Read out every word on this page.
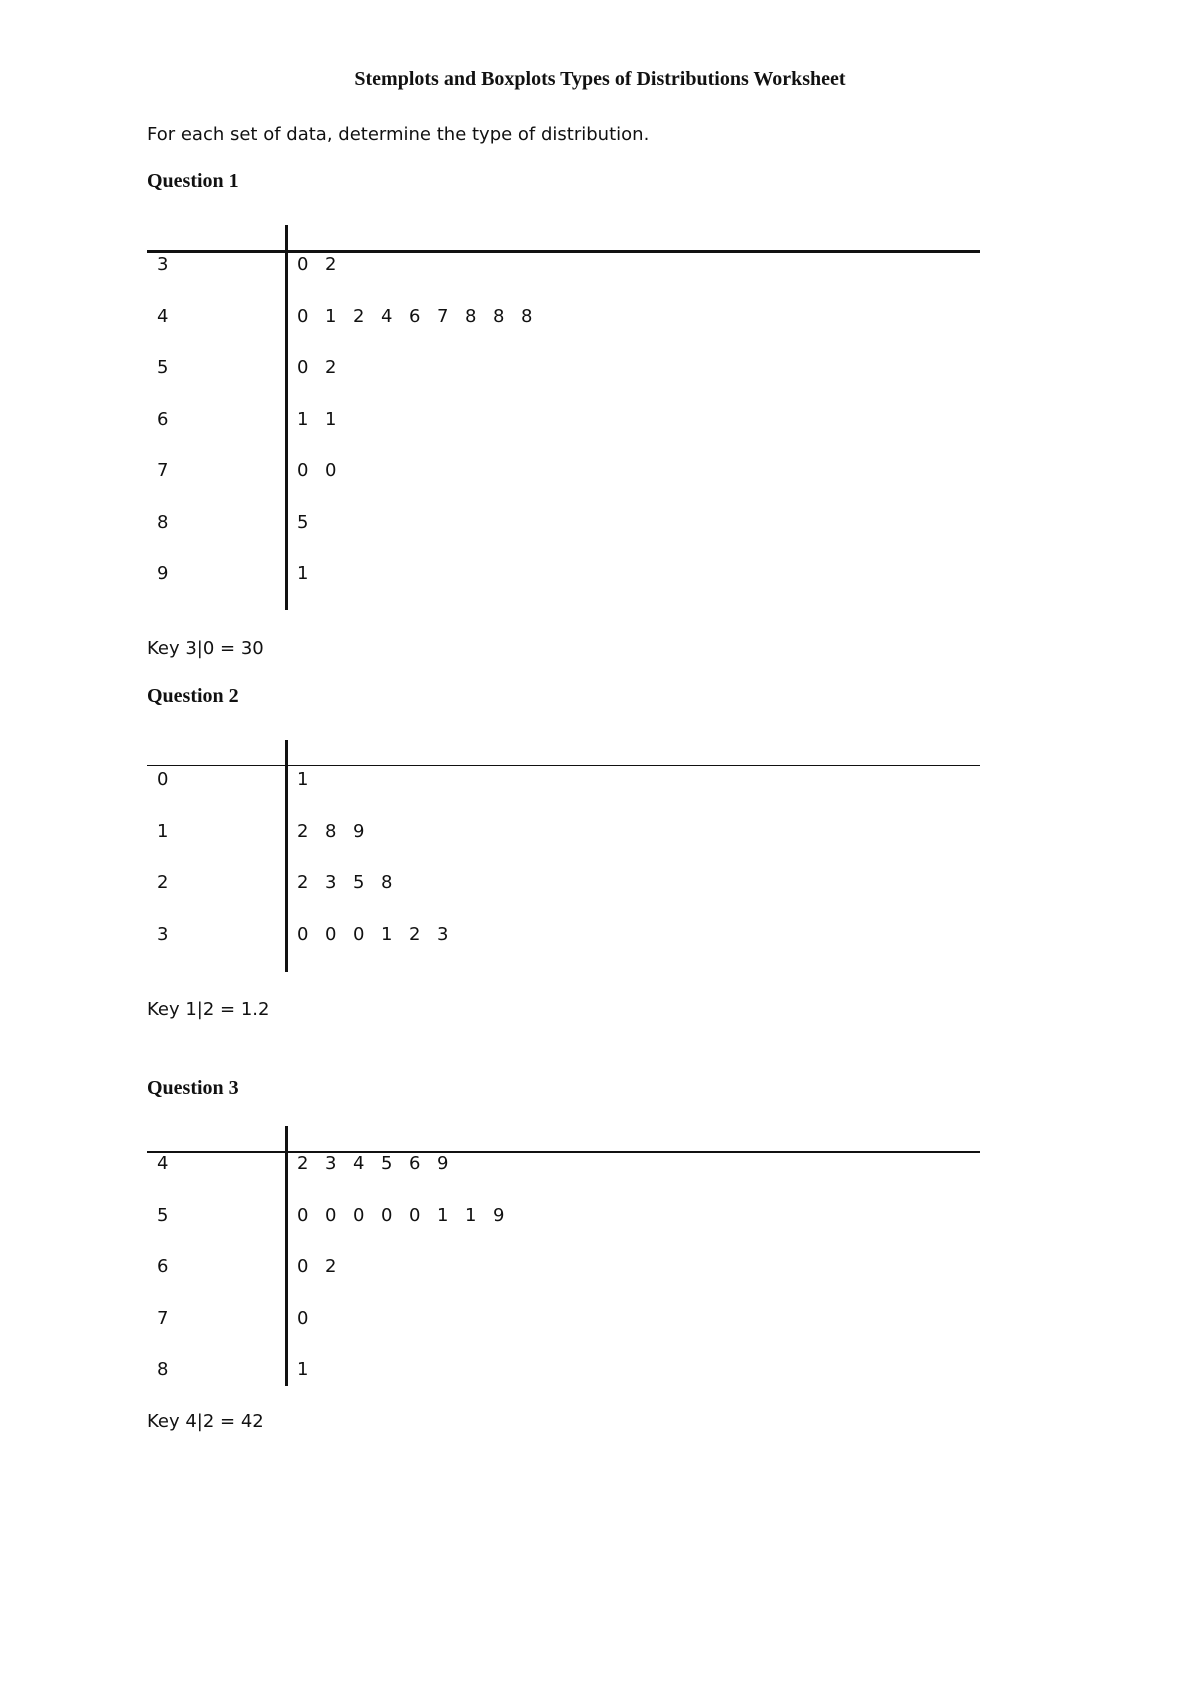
Stemplots and Boxplots Types of Distributions Worksheet

For each set of data, determine the type of distribution.

Question 1
3	0 2
4	0 1 2 4 6 7 8 8 8
5	0 2
6	1 1
7	0 0
8	5
9	1

Key 3|0 = 30

Question 2
0	1
1	2 8 9
2	2 3 5 8
3	0 0 0 1 2 3

Key 1|2 = 1.2

Question 3
4	2 3 4 5 6 9
5	0 0 0 0 0 1 1 9
6	0 2
7	0
8	1

Key 4|2 = 42
